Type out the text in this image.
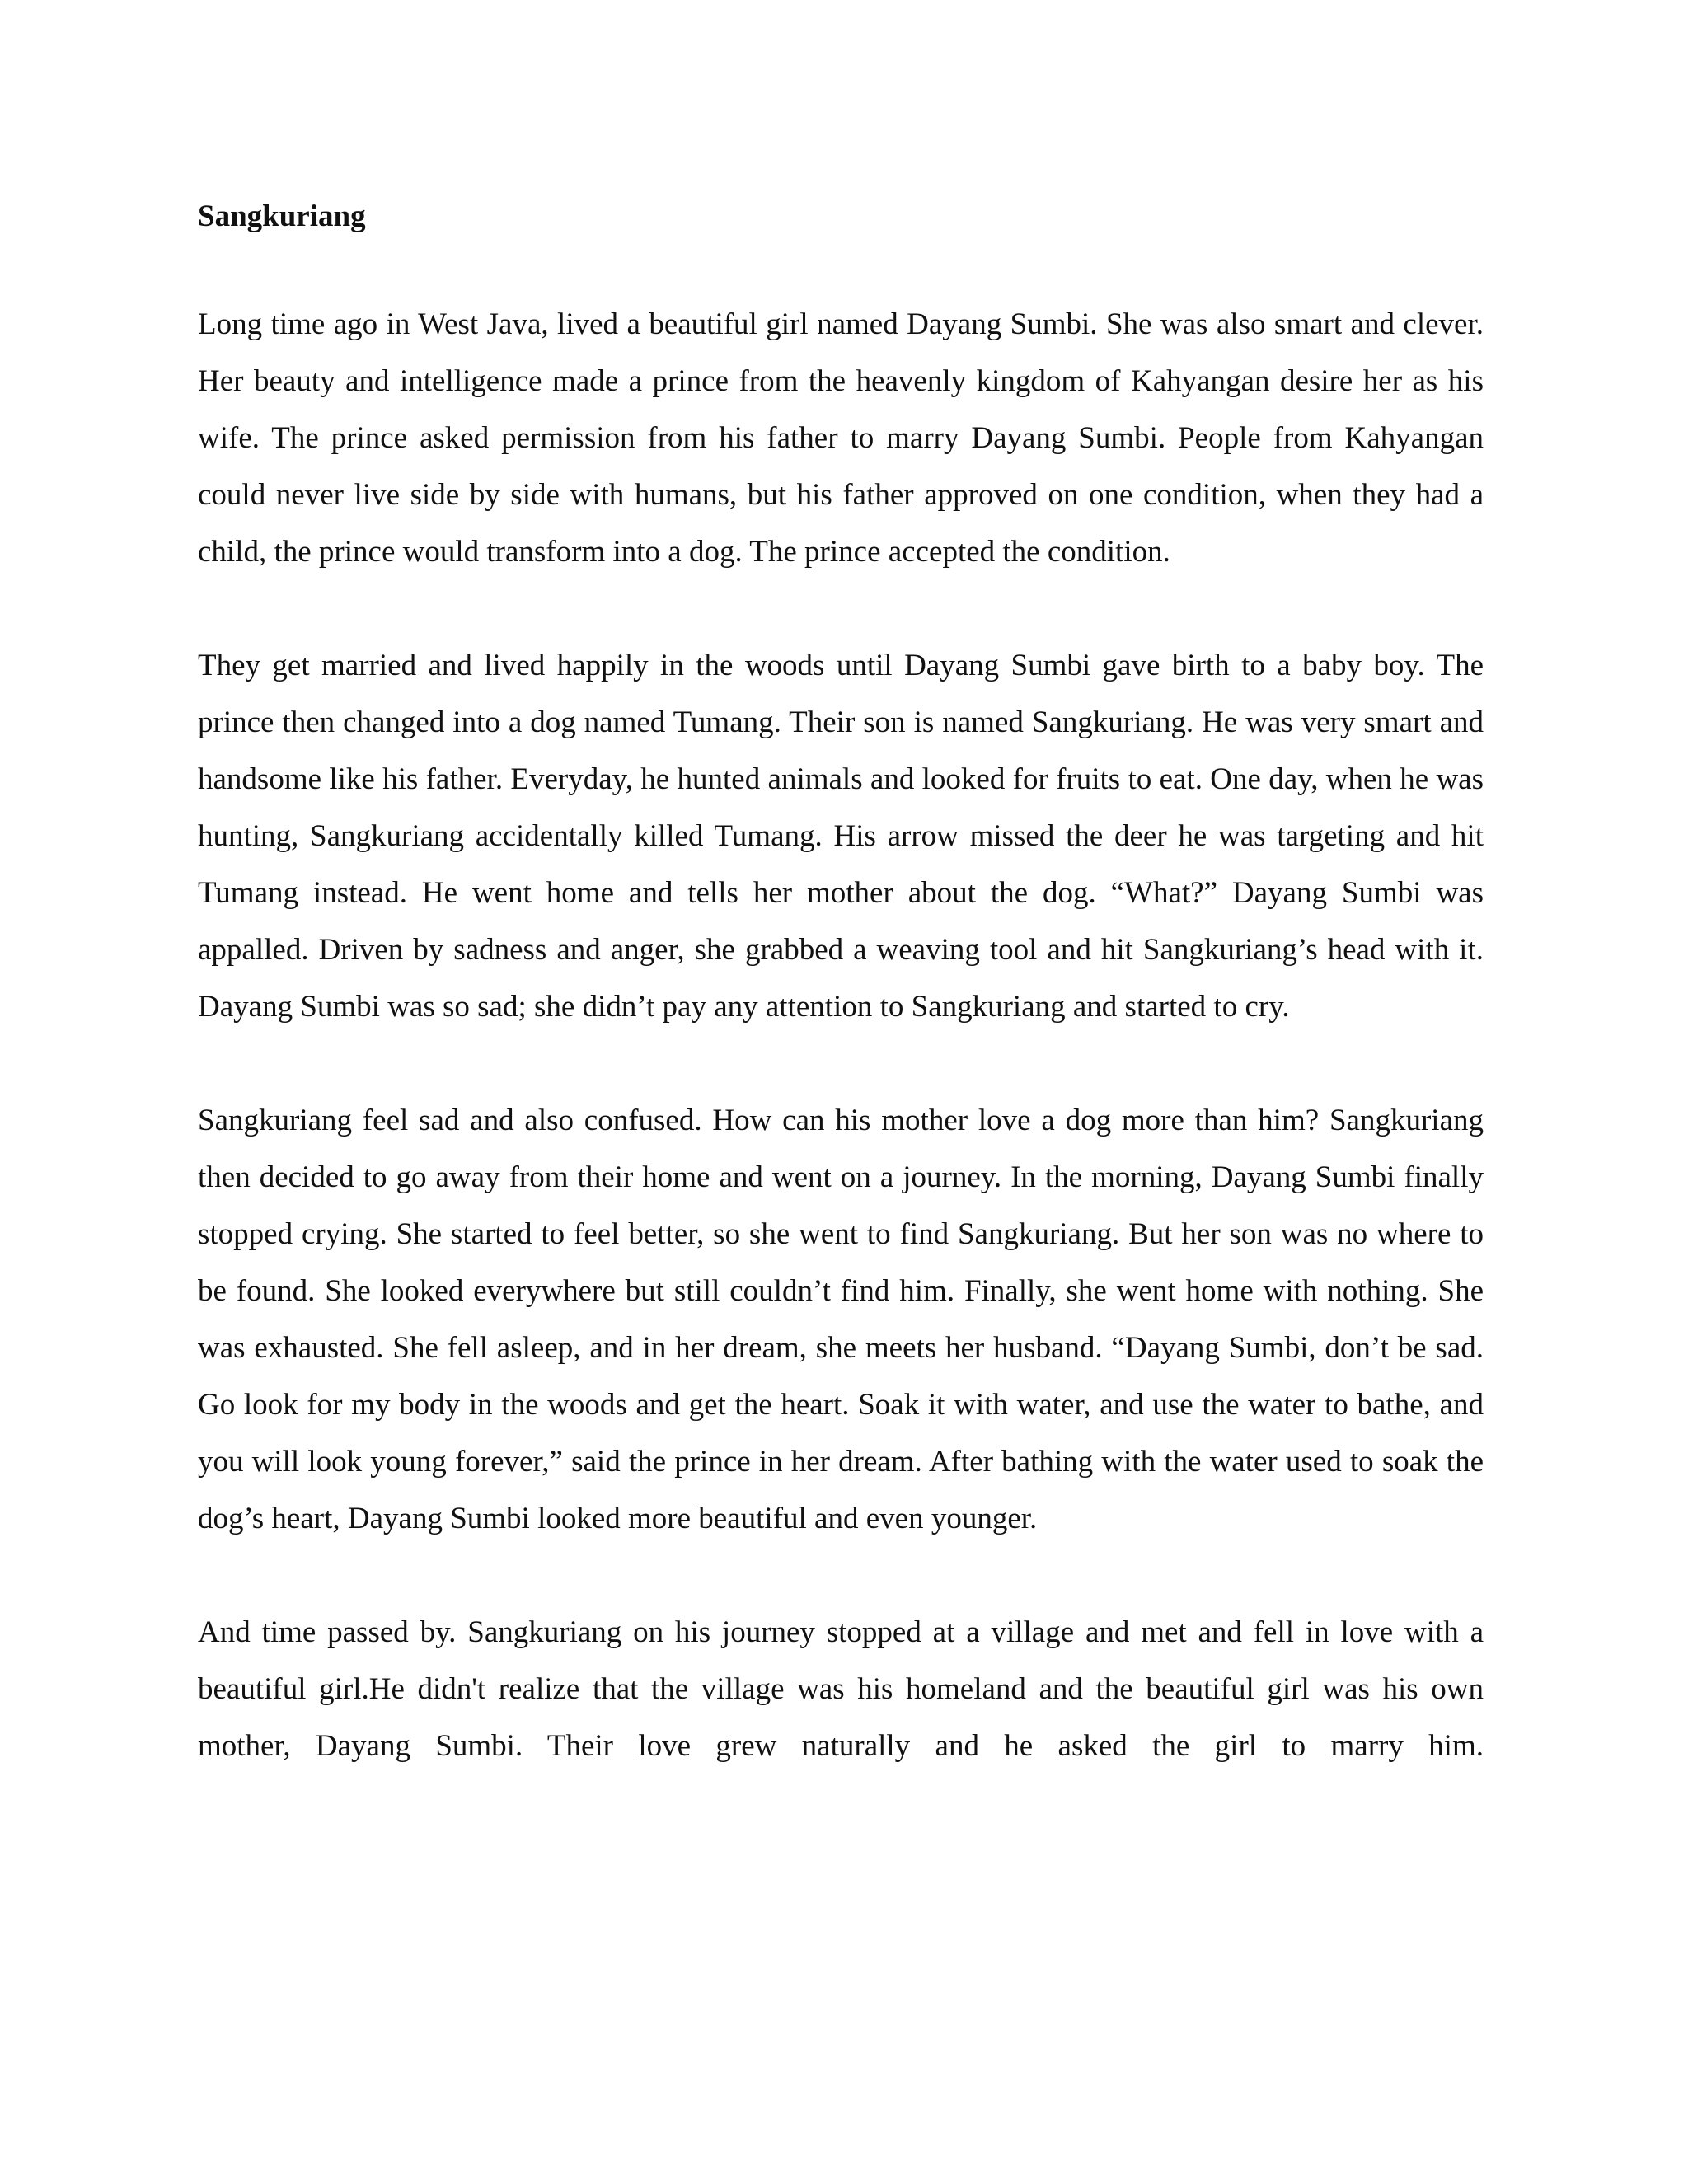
Sangkuriang

Long time ago in West Java, lived a beautiful girl named Dayang Sumbi. She was also smart and clever. Her beauty and intelligence made a prince from the heavenly kingdom of Kahyangan desire her as his wife. The prince asked permission from his father to marry Dayang Sumbi. People from Kahyangan could never live side by side with humans, but his father approved on one condition, when they had a child, the prince would transform into a dog. The prince accepted the condition.

They get married and lived happily in the woods until Dayang Sumbi gave birth to a baby boy. The prince then changed into a dog named Tumang. Their son is named Sangkuriang. He was very smart and handsome like his father. Everyday, he hunted animals and looked for fruits to eat. One day, when he was hunting, Sangkuriang accidentally killed Tumang. His arrow missed the deer he was targeting and hit Tumang instead. He went home and tells her mother about the dog. “What?” Dayang Sumbi was appalled. Driven by sadness and anger, she grabbed a weaving tool and hit Sangkuriang’s head with it. Dayang Sumbi was so sad; she didn’t pay any attention to Sangkuriang and started to cry.

Sangkuriang feel sad and also confused. How can his mother love a dog more than him? Sangkuriang then decided to go away from their home and went on a journey. In the morning, Dayang Sumbi finally stopped crying. She started to feel better, so she went to find Sangkuriang. But her son was no where to be found. She looked everywhere but still couldn’t find him. Finally, she went home with nothing. She was exhausted. She fell asleep, and in her dream, she meets her husband. “Dayang Sumbi, don’t be sad. Go look for my body in the woods and get the heart. Soak it with water, and use the water to bathe, and you will look young forever,” said the prince in her dream. After bathing with the water used to soak the dog’s heart, Dayang Sumbi looked more beautiful and even younger.

And time passed by. Sangkuriang on his journey stopped at a village and met and fell in love with a beautiful girl.He didn't realize that the village was his homeland and the beautiful girl was his own mother, Dayang Sumbi. Their love grew naturally and he asked the girl to marry him.
